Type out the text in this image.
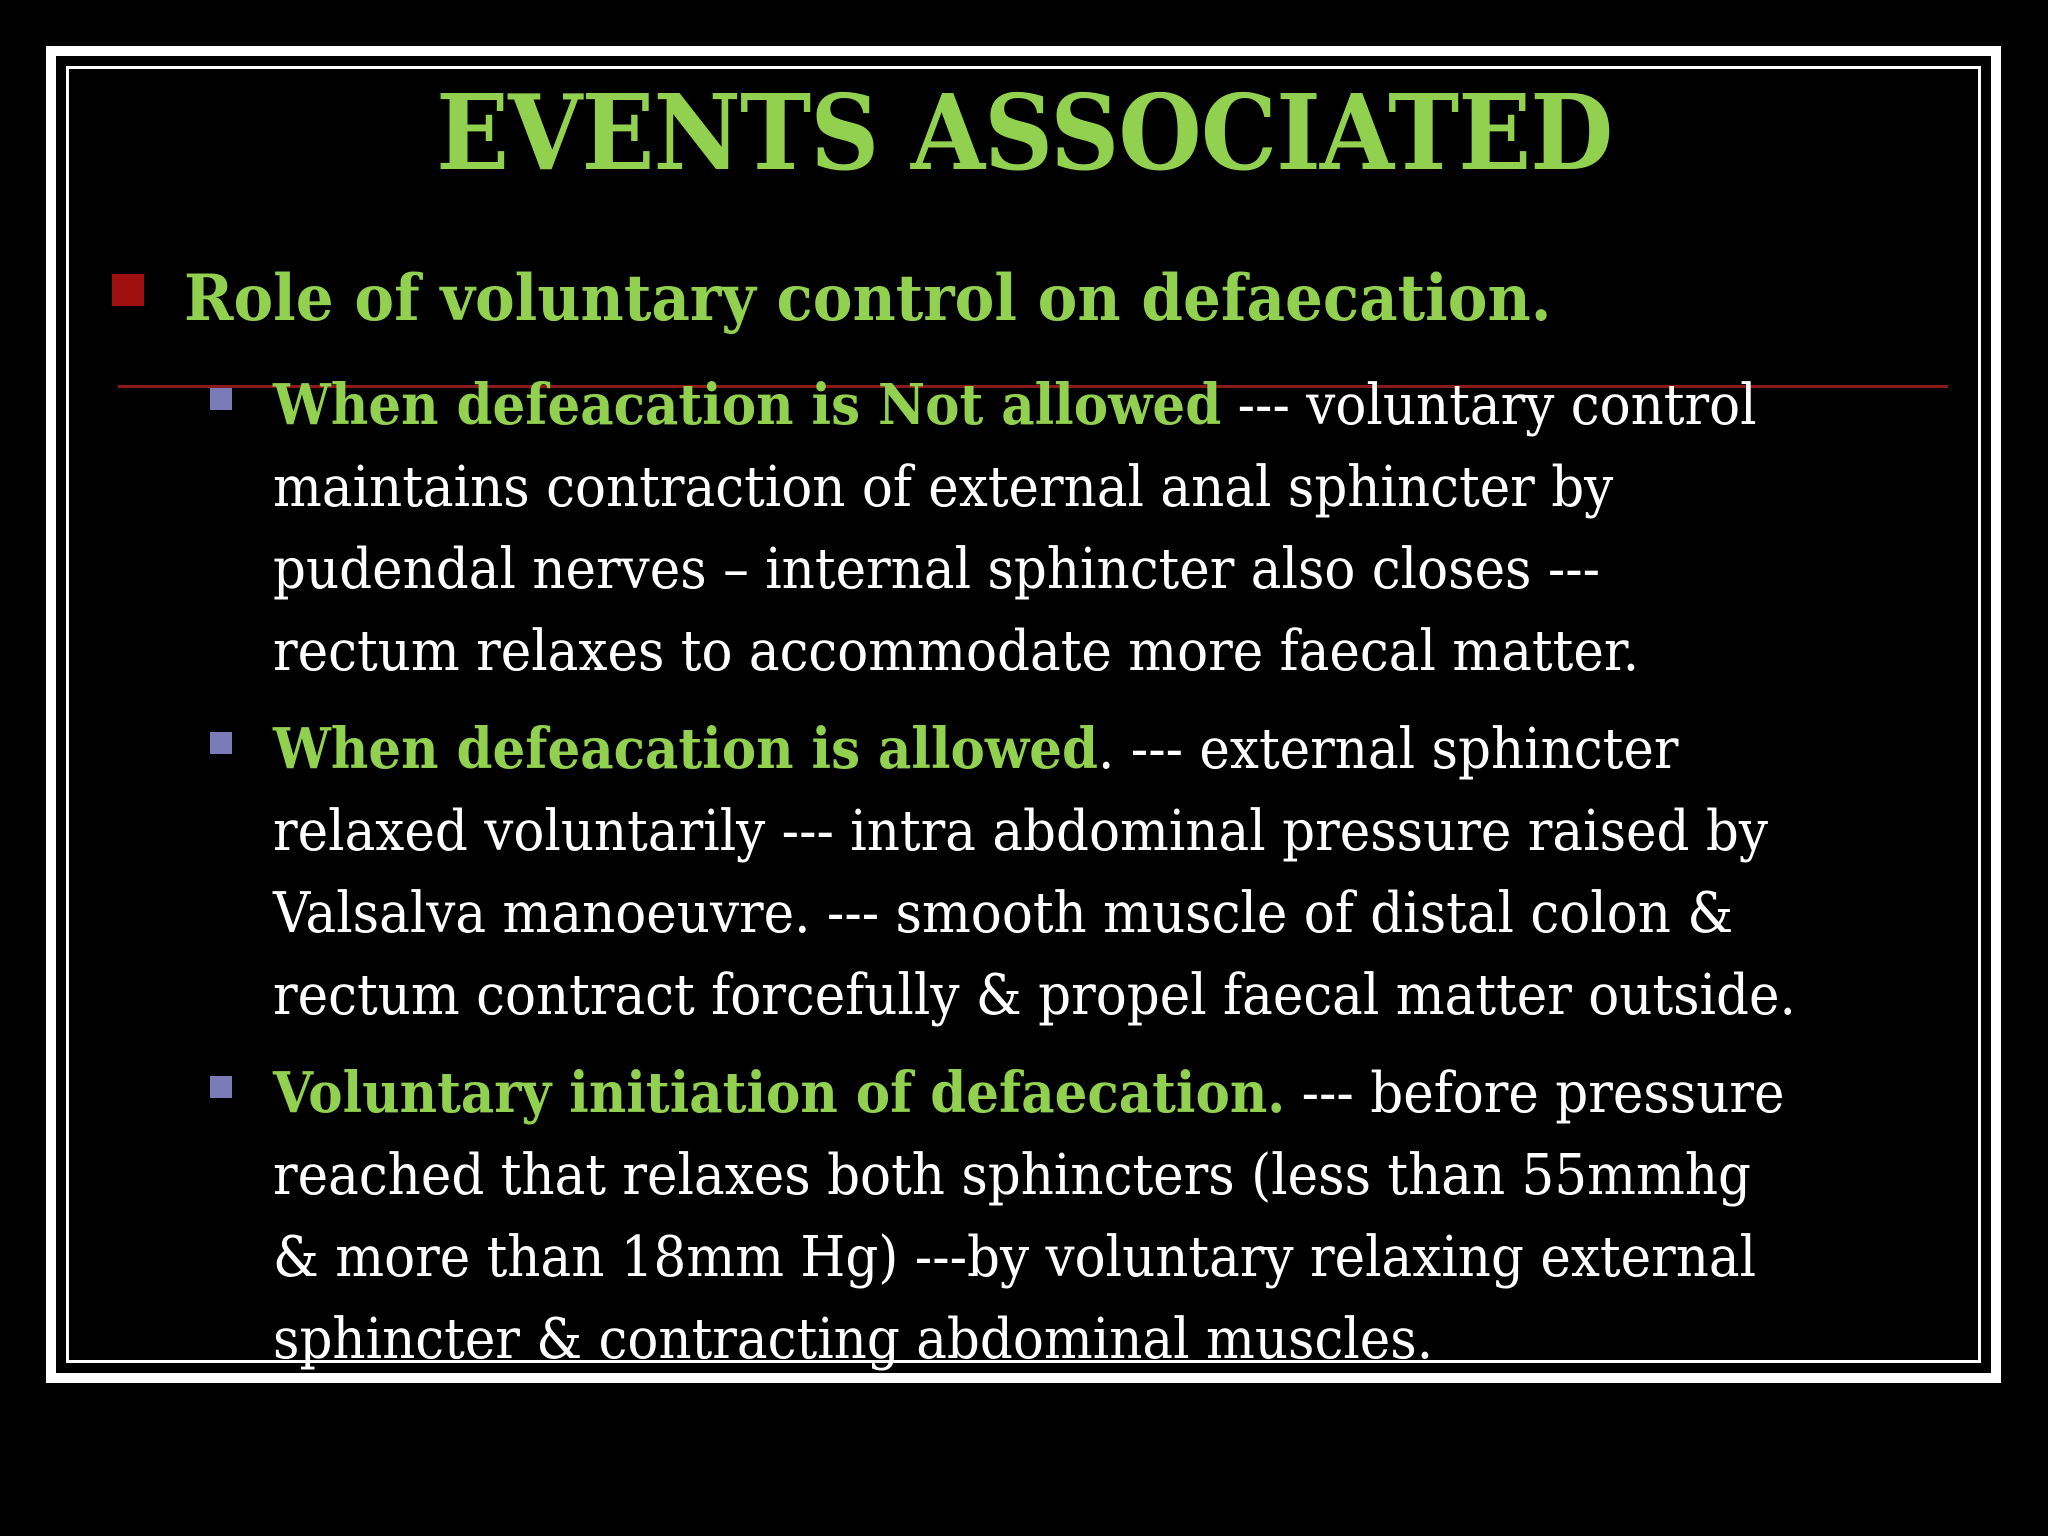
EVENTS ASSOCIATED
Role of voluntary control on defaecation.
When defeacation is Not allowed --- voluntary control
maintains contraction of external anal sphincter by
pudendal nerves – internal sphincter also closes ---
rectum relaxes to accommodate more faecal matter.
When defeacation is allowed. --- external sphincter
relaxed voluntarily --- intra abdominal pressure raised by
Valsalva manoeuvre. --- smooth muscle of distal colon &
rectum contract forcefully & propel faecal matter outside.
Voluntary initiation of defaecation. --- before pressure
reached that relaxes both sphincters (less than 55mmhg
& more than 18mm Hg) ---by voluntary relaxing external
sphincter & contracting abdominal muscles.
